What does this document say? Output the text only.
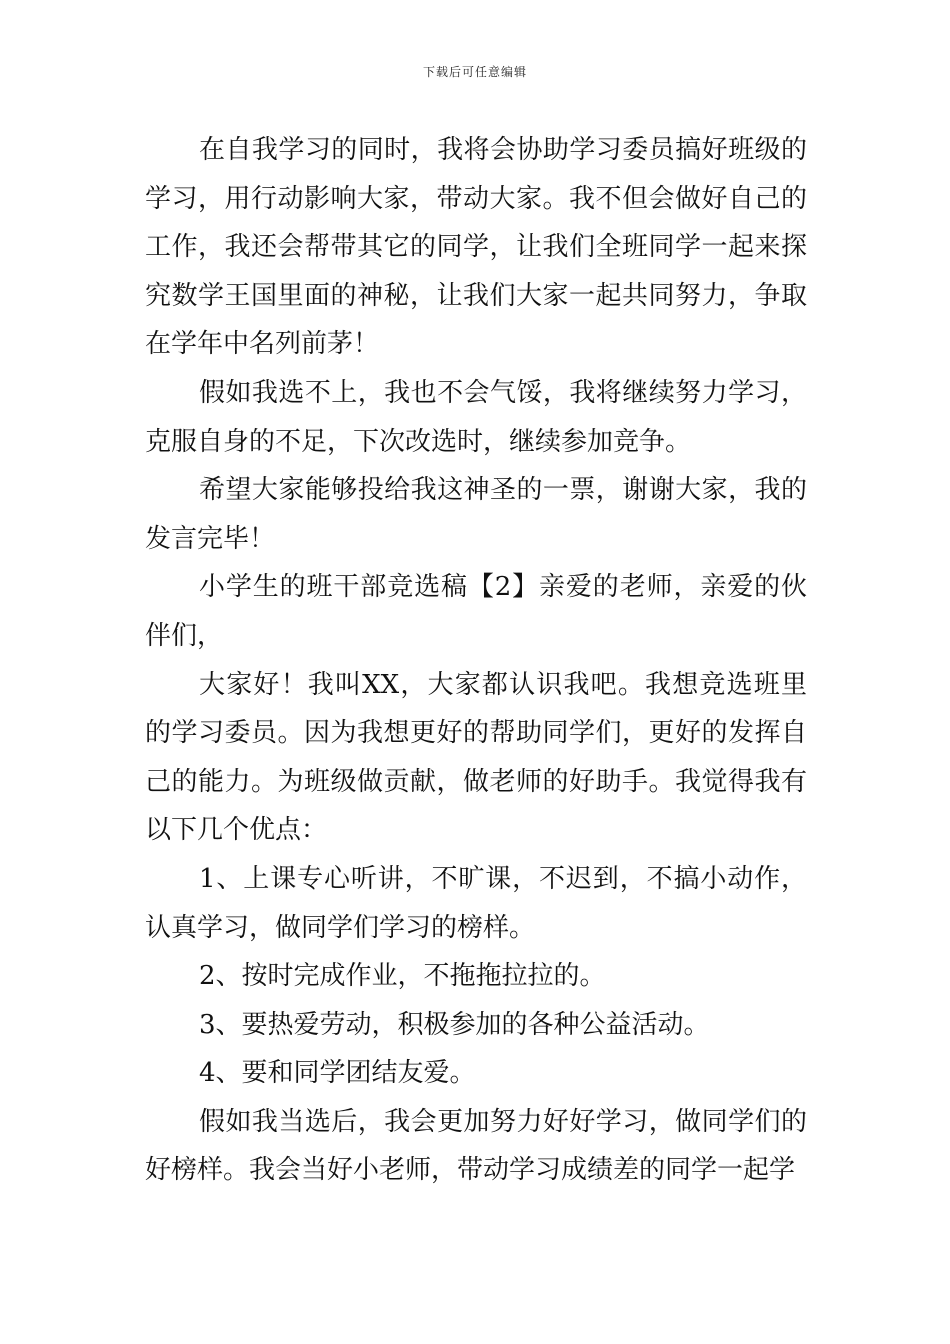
下载后可任意编辑

在自我学习的同时，我将会协助学习委员搞好班级的学习，用行动影响大家，带动大家。我不但会做好自己的工作，我还会帮带其它的同学，让我们全班同学一起来探究数学王国里面的神秘，让我们大家一起共同努力，争取在学年中名列前茅！

假如我选不上，我也不会气馁，我将继续努力学习，克服自身的不足，下次改选时，继续参加竞争。

希望大家能够投给我这神圣的一票，谢谢大家，我的发言完毕！

小学生的班干部竞选稿【2】亲爱的老师，亲爱的伙伴们，

大家好！我叫XX，大家都认识我吧。我想竞选班里的学习委员。因为我想更好的帮助同学们，更好的发挥自己的能力。为班级做贡献，做老师的好助手。我觉得我有以下几个优点：

1、上课专心听讲，不旷课，不迟到，不搞小动作，认真学习，做同学们学习的榜样。

2、按时完成作业，不拖拖拉拉的。

3、要热爱劳动，积极参加的各种公益活动。

4、要和同学团结友爱。

假如我当选后，我会更加努力好好学习，做同学们的好榜样。我会当好小老师，带动学习成绩差的同学一起学
